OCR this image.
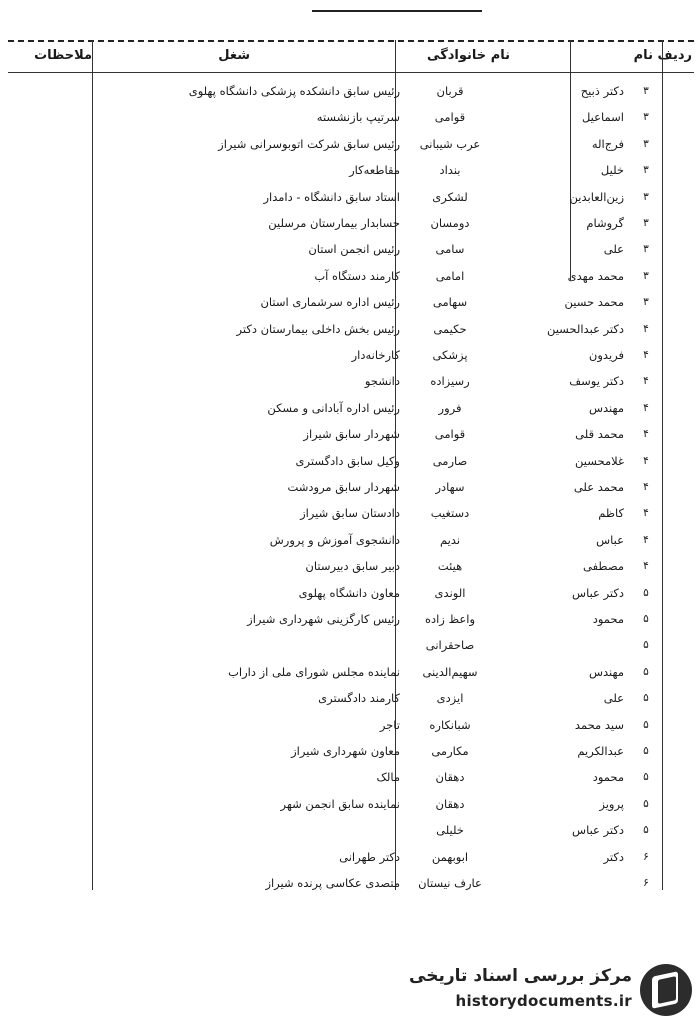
ردیف نام
نام خانوادگی
شغل
ملاحظات
۳
دکتر ذبیح
قربان
رئیس سابق دانشکده پزشکی دانشگاه پهلوی
۳
اسماعیل
قوامی
سرتیپ بازنشسته
۳
فرج‌اله
عرب شیبانی
رئیس سابق شرکت اتوبوسرانی شیراز
۳
خلیل
بنداد
مقاطعه‌کار
۳
زین‌العابدین
لشکری
استاد سابق دانشگاه - دامدار
۳
گروشام
دومسان
حسابدار بیمارستان مرسلین
۳
علی
سامی
رئیس انجمن استان
۳
محمد مهدی
امامی
کارمند دستگاه آب
۳
محمد حسین
سهامی
رئیس اداره سرشماری استان
۴
دکتر عبدالحسین
حکیمی
رئیس بخش داخلی بیمارستان دکتر
۴
فریدون
پزشکی
کارخانه‌دار
۴
دکتر یوسف
رسیزاده
دانشجو
۴
مهندس
فرور
رئیس اداره آبادانی و مسکن
۴
محمد قلی
قوامی
شهردار سابق شیراز
۴
غلامحسین
صارمی
وکیل سابق دادگستری
۴
محمد علی
سهادر
شهردار سابق مرودشت
۴
کاظم
دستغیب
دادستان سابق شیراز
۴
عباس
ندیم
دانشجوی آموزش و پرورش
۴
مصطفی
هیئت
دبیر سابق دبیرستان
۵
دکتر عباس
الوندی
معاون دانشگاه پهلوی
۵
محمود
واعظ زاده
رئیس کارگزینی شهرداری شیراز
۵
صاحقرانی
۵
مهندس
سهیم‌الدینی
نماینده مجلس شورای ملی از داراب
۵
علی
ایزدی
کارمند دادگستری
۵
سید محمد
شبانکاره
تاجر
۵
عبدالکریم
مکارمی
معاون شهرداری شیراز
۵
محمود
دهقان
مالک
۵
پرویز
دهقان
نماینده سابق انجمن شهر
۵
دکتر عباس
خلیلی
۶
دکتر
ابوبهمن
دکتر طهرانی
۶
عارف نیستان
متصدی عکاسی پرنده شیراز
مرکز بررسی اسناد تاریخی
historydocuments.ir
